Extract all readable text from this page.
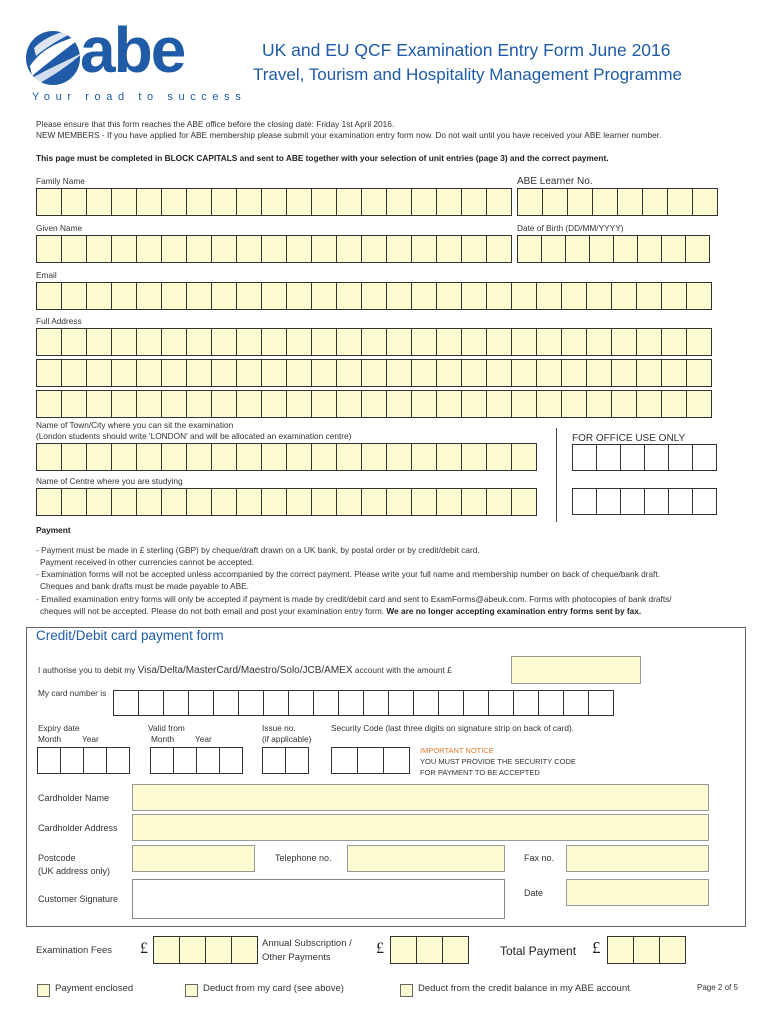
abe
Your road to success
UK and EU QCF Examination Entry Form June 2016
Travel, Tourism and Hospitality Management Programme
Please ensure that this form reaches the ABE office before the closing date: Friday 1st April 2016.
NEW MEMBERS - If you have applied for ABE membership please submit your examination entry form now. Do not wait until you have received your ABE learner number.
This page must be completed in BLOCK CAPITALS and sent to ABE together with your selection of unit entries (page 3) and the correct payment.
Family Name	ABE Learner No.
Given Name	Date of Birth (DD/MM/YYYY)
Email
Full Address
Name of Town/City where you can sit the examination
(London students should write 'LONDON' and will be allocated an examination centre)	FOR OFFICE USE ONLY
Name of Centre where you are studying
Payment
- Payment must be made in £ sterling (GBP) by cheque/draft drawn on a UK bank, by postal order or by credit/debit card.
Payment received in other currencies cannot be accepted.
- Examination forms will not be accepted unless accompanied by the correct payment. Please write your full name and membership number on back of cheque/bank draft.
Cheques and bank drafts must be made payable to ABE.
- Emailed examination entry forms will only be accepted if payment is made by credit/debit card and sent to ExamForms@abeuk.com. Forms with photocopies of bank drafts/
cheques will not be accepted. Please do not both email and post your examination entry form. We are no longer accepting examination entry forms sent by fax.
Credit/Debit card payment form
I authorise you to debit my Visa/Delta/MasterCard/Maestro/Solo/JCB/AMEX account with the amount £
My card number is
Expiry date	Valid from	Issue no.	Security Code (last three digits on signature strip on back of card).
Month	Year	Month	Year	(if applicable)
IMPORTANT NOTICE
YOU MUST PROVIDE THE SECURITY CODE
FOR PAYMENT TO BE ACCEPTED
Cardholder Name
Cardholder Address
Postcode
(UK address only)
Telephone no.	Fax no.
Customer Signature
Date
Examination Fees £	Annual Subscription /
Other Payments
£	Total Payment £
Payment enclosed	Deduct from my card (see above)	Deduct from the credit balance in my ABE account	Page 2 of 5
